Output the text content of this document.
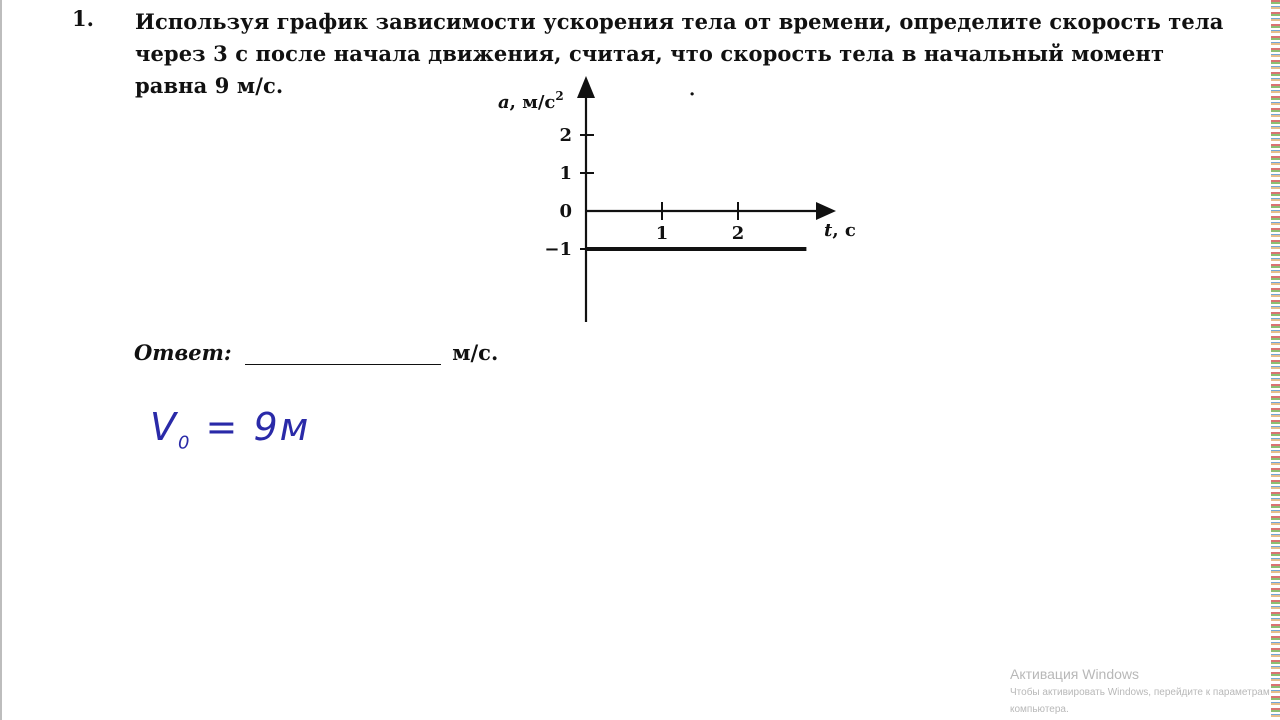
1. Используя график зависимости ускорения тела от времени, определите скорость тела через 3 с после начала движения, считая, что скорость тела в начальный момент равна 9 м/с.
2
1
0
−1
1	2
a, $м/с^2$
t, с
·
Ответ:	м/с.
$V_0 = 9м$
Активация Windows
Чтобы активировать Windows, перейдите к параметрам
компьютера.
